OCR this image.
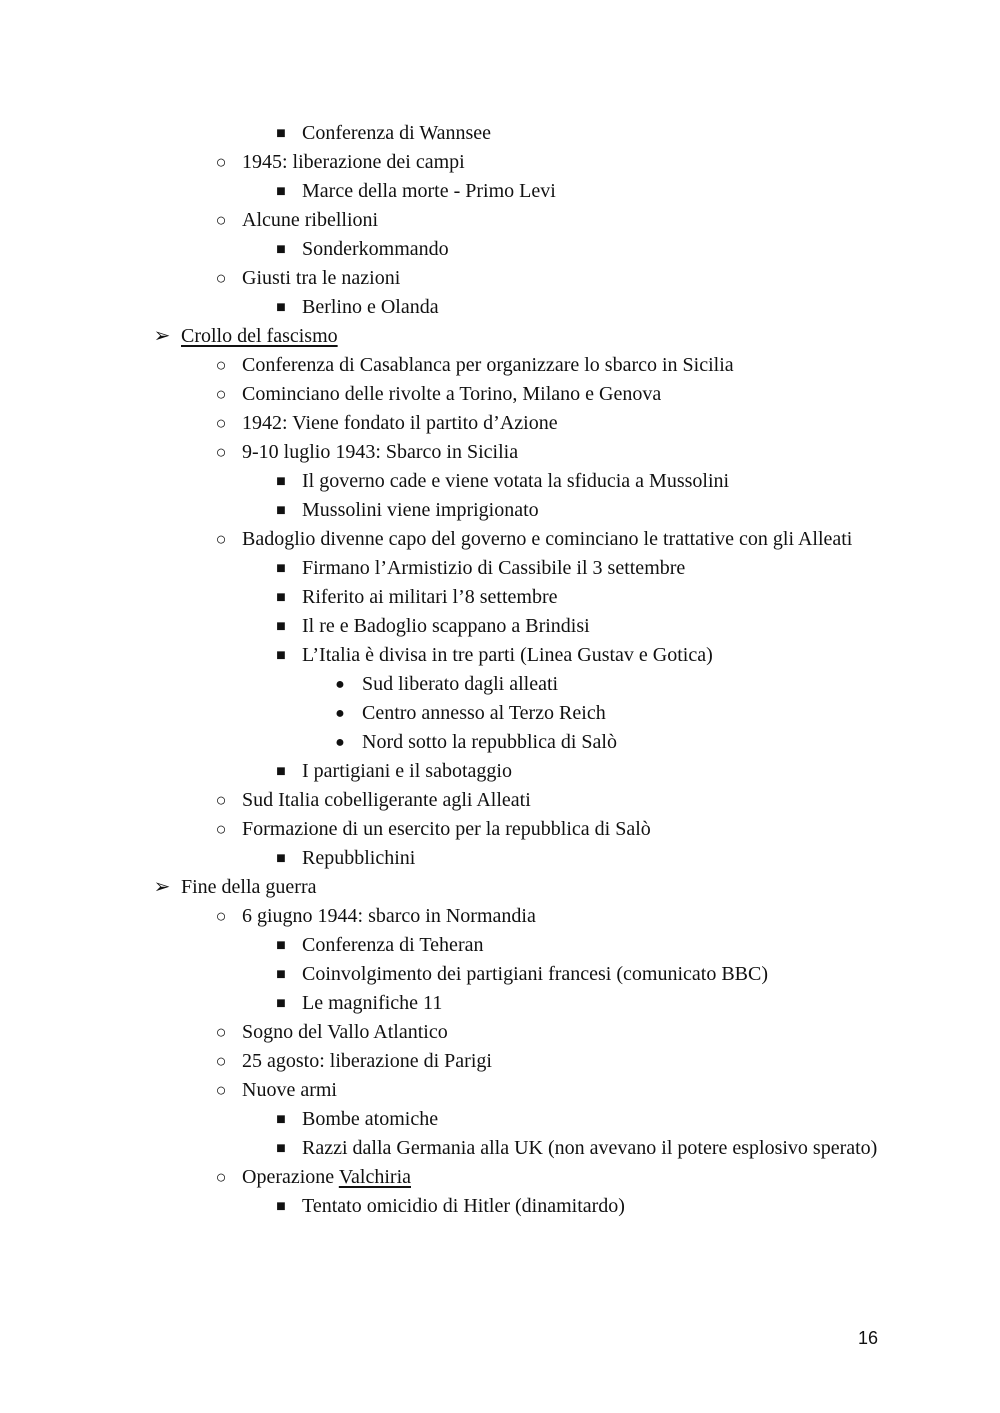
■ Conferenza di Wannsee
○ 1945: liberazione dei campi
■ Marce della morte - Primo Levi
○ Alcune ribellioni
■ Sonderkommando
○ Giusti tra le nazioni
■ Berlino e Olanda
➢ Crollo del fascismo
○ Conferenza di Casablanca per organizzare lo sbarco in Sicilia
○ Cominciano delle rivolte a Torino, Milano e Genova
○ 1942: Viene fondato il partito d’Azione
○ 9-10 luglio 1943: Sbarco in Sicilia
■ Il governo cade e viene votata la sfiducia a Mussolini
■ Mussolini viene imprigionato
○ Badoglio divenne capo del governo e cominciano le trattative con gli Alleati
■ Firmano l’Armistizio di Cassibile il 3 settembre
■ Riferito ai militari l’8 settembre
■ Il re e Badoglio scappano a Brindisi
■ L’Italia è divisa in tre parti (Linea Gustav e Gotica)
● Sud liberato dagli alleati
● Centro annesso al Terzo Reich
● Nord sotto la repubblica di Salò
■ I partigiani e il sabotaggio
○ Sud Italia cobelligerante agli Alleati
○ Formazione di un esercito per la repubblica di Salò
■ Repubblichini
➢ Fine della guerra
○ 6 giugno 1944: sbarco in Normandia
■ Conferenza di Teheran
■ Coinvolgimento dei partigiani francesi (comunicato BBC)
■ Le magnifiche 11
○ Sogno del Vallo Atlantico
○ 25 agosto: liberazione di Parigi
○ Nuove armi
■ Bombe atomiche
■ Razzi dalla Germania alla UK (non avevano il potere esplosivo sperato)
○ Operazione Valchiria
■ Tentato omicidio di Hitler (dinamitardo)
16
